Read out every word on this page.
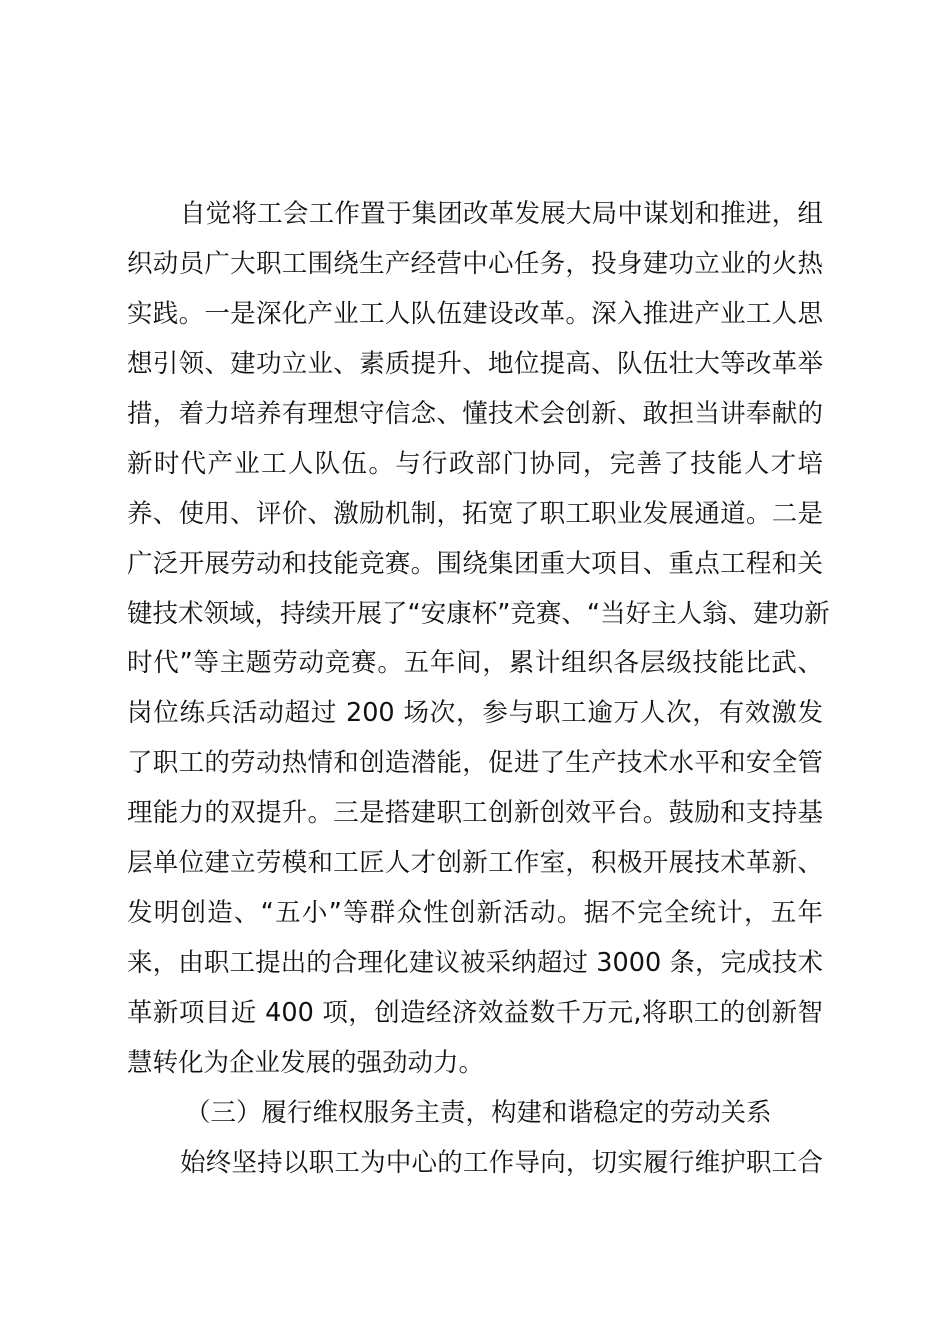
自觉将工会工作置于集团改革发展大局中谋划和推进，组
织动员广大职工围绕生产经营中心任务，投身建功立业的火热
实践。一是深化产业工人队伍建设改革。深入推进产业工人思
想引领、建功立业、素质提升、地位提高、队伍壮大等改革举
措，着力培养有理想守信念、懂技术会创新、敢担当讲奉献的
新时代产业工人队伍。与行政部门协同，完善了技能人才培
养、使用、评价、激励机制，拓宽了职工职业发展通道。二是
广泛开展劳动和技能竞赛。围绕集团重大项目、重点工程和关
键技术领域，持续开展了“安康杯”竞赛、“当好主人翁、建功新
时代”等主题劳动竞赛。五年间，累计组织各层级技能比武、
岗位练兵活动超过 200 场次，参与职工逾万人次，有效激发
了职工的劳动热情和创造潜能，促进了生产技术水平和安全管
理能力的双提升。三是搭建职工创新创效平台。鼓励和支持基
层单位建立劳模和工匠人才创新工作室，积极开展技术革新、
发明创造、“五小”等群众性创新活动。据不完全统计，五年
来，由职工提出的合理化建议被采纳超过 3000 条，完成技术
革新项目近 400 项，创造经济效益数千万元,将职工的创新智
慧转化为企业发展的强劲动力。
（三）履行维权服务主责，构建和谐稳定的劳动关系
始终坚持以职工为中心的工作导向，切实履行维护职工合
